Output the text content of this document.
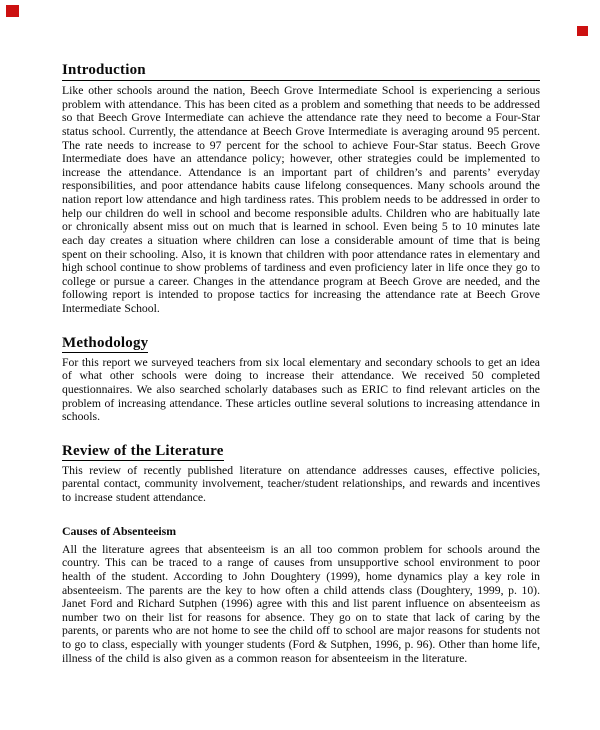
Introduction

Like other schools around the nation, Beech Grove Intermediate School is experiencing a serious problem with attendance. This has been cited as a problem and something that needs to be addressed so that Beech Grove Intermediate can achieve the attendance rate they need to become a Four-Star status school. Currently, the attendance at Beech Grove Intermediate is averaging around 95 percent. The rate needs to increase to 97 percent for the school to achieve Four-Star status. Beech Grove Intermediate does have an attendance policy; however, other strategies could be implemented to increase the attendance. Attendance is an important part of children’s and parents’ everyday responsibilities, and poor attendance habits cause lifelong consequences. Many schools around the nation report low attendance and high tardiness rates. This problem needs to be addressed in order to help our children do well in school and become responsible adults. Children who are habitually late or chronically absent miss out on much that is learned in school. Even being 5 to 10 minutes late each day creates a situation where children can lose a considerable amount of time that is being spent on their schooling. Also, it is known that children with poor attendance rates in elementary and high school continue to show problems of tardiness and even proficiency later in life once they go to college or pursue a career. Changes in the attendance program at Beech Grove are needed, and the following report is intended to propose tactics for increasing the attendance rate at Beech Grove Intermediate School.

Methodology

For this report we surveyed teachers from six local elementary and secondary schools to get an idea of what other schools were doing to increase their attendance. We received 50 completed questionnaires. We also searched scholarly databases such as ERIC to find relevant articles on the problem of increasing attendance. These articles outline several solutions to increasing attendance in schools.

Review of the Literature

This review of recently published literature on attendance addresses causes, effective policies, parental contact, community involvement, teacher/student relationships, and rewards and incentives to increase student attendance.

Causes of Absenteeism

All the literature agrees that absenteeism is an all too common problem for schools around the country. This can be traced to a range of causes from unsupportive school environment to poor health of the student. According to John Doughtery (1999), home dynamics play a key role in absenteeism. The parents are the key to how often a child attends class (Doughtery, 1999, p. 10). Janet Ford and Richard Sutphen (1996) agree with this and list parent influence on absenteeism as number two on their list for reasons for absence. They go on to state that lack of caring by the parents, or parents who are not home to see the child off to school are major reasons for students not to go to class, especially with younger students (Ford & Sutphen, 1996, p. 96). Other than home life, illness of the child is also given as a common reason for absenteeism in the literature.
